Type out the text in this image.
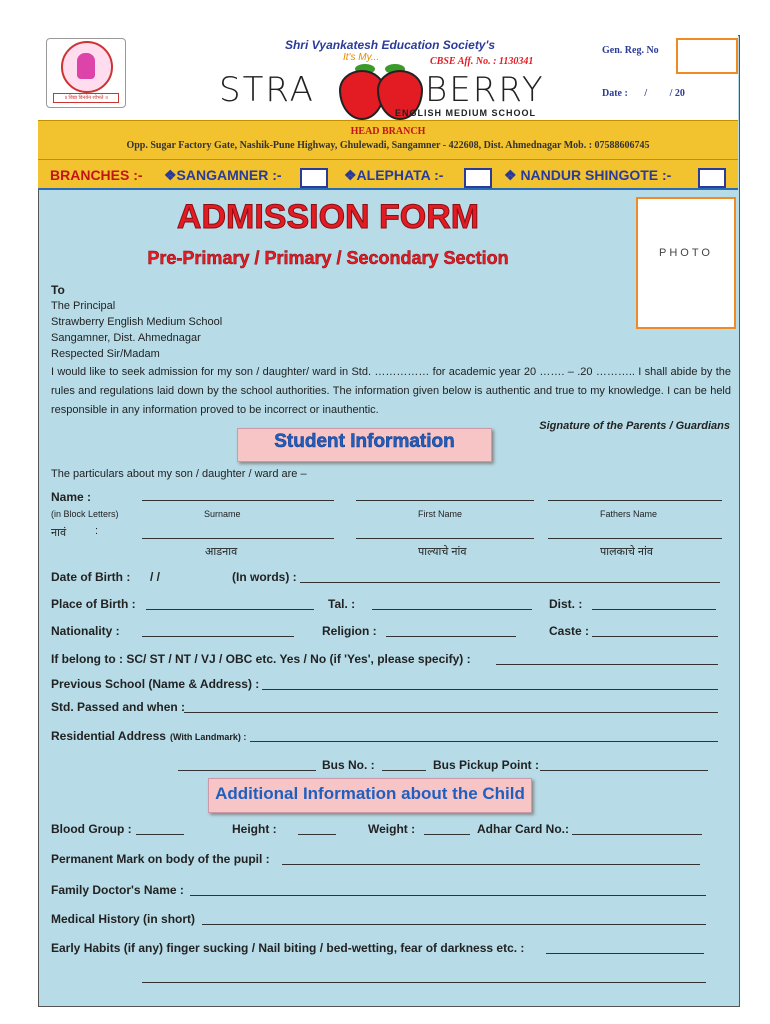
॥ विद्या विनयेन शोभते ॥
Shri Vyankatesh Education Society's
STRA
It's My...
BERRY
ENGLISH MEDIUM SCHOOL
CBSE Aff. No. : 1130341
Gen. Reg. No
Date : / / 20
HEAD BRANCH
Opp. Sugar Factory Gate, Nashik-Pune Highway, Ghulewadi, Sangamner - 422608, Dist. Ahmednagar Mob. : 07588606745
BRANCHES :- ❖SANGAMNER :-	❖ALEPHATA :-	❖ NANDUR SHINGOTE :-
ADMISSION FORM
Pre-Primary / Primary / Secondary Section	PHOTO
To
The Principal
Strawberry English Medium School
Sangamner, Dist. Ahmednagar
Respected Sir/Madam
I would like to seek admission for my son / daughter/ ward in Std. …………… for academic year 20 ……. – .20 ……….. I shall abide by the rules and regulations laid down by the school authorities. The information given below is authentic and true to my knowledge. I can be held responsible in any information proved to be incorrect or inauthentic.
Signature of the Parents / Guardians
Student Information
The particulars about my son / daughter / ward are –
Name :
(in Block Letters)	Surname	First Name	Fathers Name
नावं	:
आडनाव	पाल्याचे नांव	पालकाचे नांव
Date of Birth : / /	(In words) :
Place of Birth :	Tal. :	Dist. :
Nationality :	Religion :	Caste :
If belong to : SC/ ST / NT / VJ / OBC etc. Yes / No (if 'Yes', please specify) :
Previous School (Name & Address) :
Std. Passed and when :
Residential Address (With Landmark) :
Bus No. :	Bus Pickup Point :
Additional Information about the Child
Blood Group :	Height :	Weight :	Adhar Card No.:
Permanent Mark on body of the pupil :
Family Doctor's Name :
Medical History (in short)
Early Habits (if any) finger sucking / Nail biting / bed-wetting, fear of darkness etc. :
